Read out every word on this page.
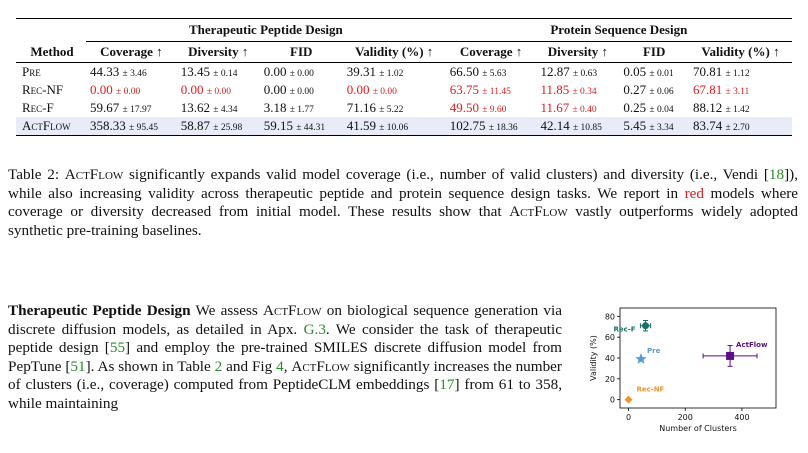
	Therapeutic Peptide Design				Protein Sequence Design			
Method	Coverage ↑	Diversity ↑	FID	Validity (%) ↑	Coverage ↑	Diversity ↑	FID	Validity (%) ↑
Pre	44.33 ± 3.46	13.45 ± 0.14	0.00 ± 0.00	39.31 ± 1.02	66.50 ± 5.63	12.87 ± 0.63	0.05 ± 0.01	70.81 ± 1.12
Rec-NF	0.00 ± 0.00	0.00 ± 0.00	0.00 ± 0.00	0.00 ± 0.00	63.75 ± 11.45	11.85 ± 0.34	0.27 ± 0.06	67.81 ± 3.11
Rec-F	59.67 ± 17.97	13.62 ± 4.34	3.18 ± 1.77	71.16 ± 5.22	49.50 ± 9.60	11.67 ± 0.40	0.25 ± 0.04	88.12 ± 1.42
ActFlow	358.33 ± 95.45	58.87 ± 25.98	59.15 ± 44.31	41.59 ± 10.06	102.75 ± 18.36	42.14 ± 10.85	5.45 ± 3.34	83.74 ± 2.70
Table 2: ActFlow significantly expands valid model coverage (i.e., number of valid clusters) and diversity (i.e., Vendi [18]), while also increasing validity across therapeutic peptide and protein sequence design tasks. We report in red models where coverage or diversity decreased from initial model. These results show that ActFlow vastly outperforms widely adopted synthetic pre-training baselines.
Therapeutic Peptide Design We assess ActFlow on biological sequence generation via discrete diffusion models, as detailed in Apx. G.3. We consider the task of therapeutic peptide design [55] and employ the pre-trained SMILES discrete diffusion model from PepTune [51]. As shown in Table 2 and Fig 4, ActFlow significantly increases the number of clusters (i.e., coverage) computed from PeptideCLM embeddings [17] from 61 to 358, while maintaining
0	200	400
0
20
40
60
80
Number of Clusters
Validity (%)
Rec-F
Pre
Rec-NF
ActFlow
